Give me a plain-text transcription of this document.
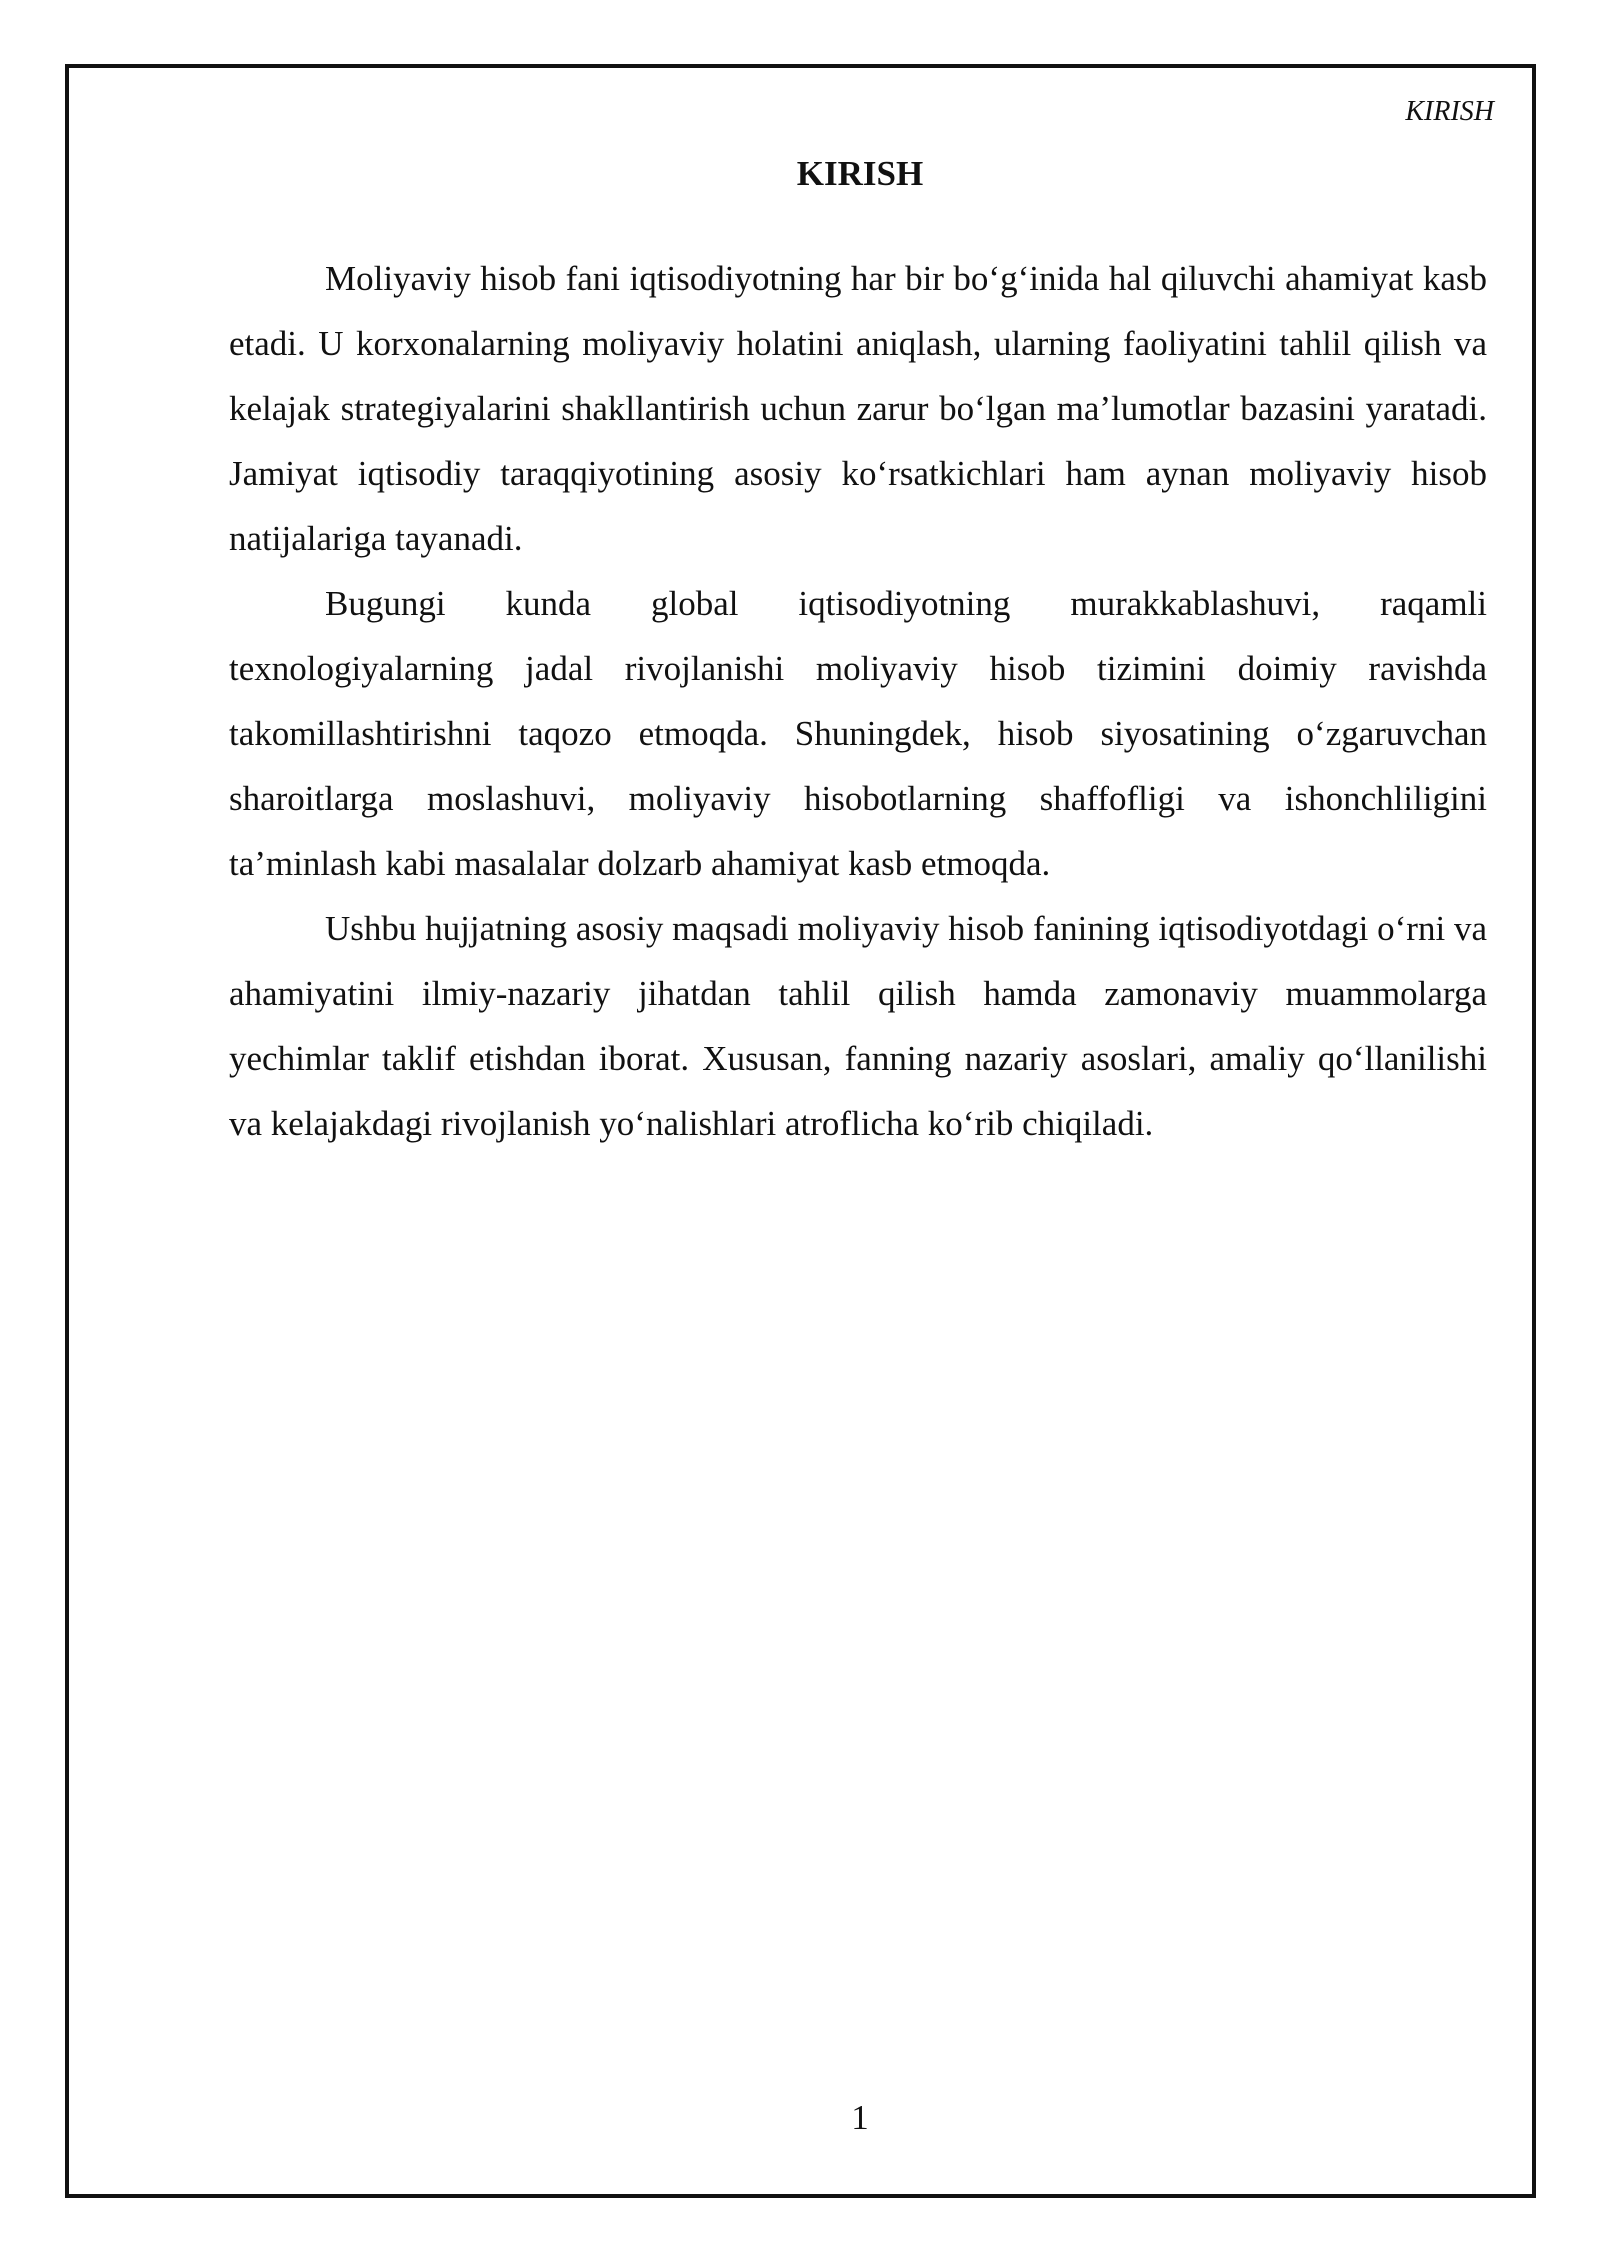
KIRISH
KIRISH

Moliyaviy hisob fani iqtisodiyotning har bir bo‘g‘inida hal qiluvchi ahamiyat kasb etadi. U korxonalarning moliyaviy holatini aniqlash, ularning faoliyatini tahlil qilish va kelajak strategiyalarini shakllantirish uchun zarur bo‘lgan ma’lumotlar bazasini yaratadi. Jamiyat iqtisodiy taraqqiyotining asosiy ko‘rsatkichlari ham aynan moliyaviy hisob natijalariga tayanadi.

Bugungi kunda global iqtisodiyotning murakkablashuvi, raqamli texnologiyalarning jadal rivojlanishi moliyaviy hisob tizimini doimiy ravishda takomillashtirishni taqozo etmoqda. Shuningdek, hisob siyosatining o‘zgaruvchan sharoitlarga moslashuvi, moliyaviy hisobotlarning shaffofligi va ishonchliligini ta’minlash kabi masalalar dolzarb ahamiyat kasb etmoqda.

Ushbu hujjatning asosiy maqsadi moliyaviy hisob fanining iqtisodiyotdagi o‘rni va ahamiyatini ilmiy-nazariy jihatdan tahlil qilish hamda zamonaviy muammolarga yechimlar taklif etishdan iborat. Xususan, fanning nazariy asoslari, amaliy qo‘llanilishi va kelajakdagi rivojlanish yo‘nalishlari atroflicha ko‘rib chiqiladi.

1
